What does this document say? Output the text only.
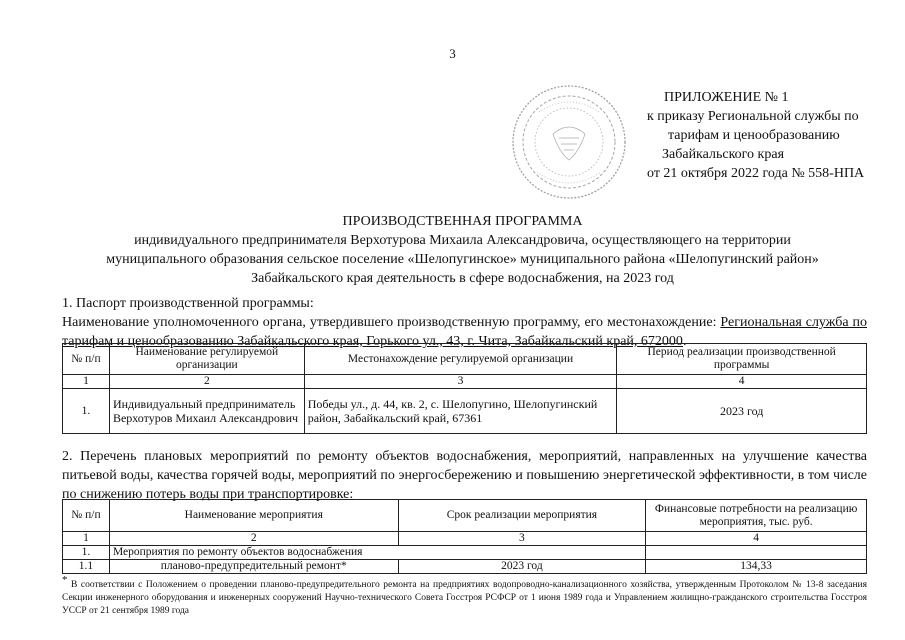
3
ПРИЛОЖЕНИЕ № 1
к приказу Региональной службы по
тарифам и ценообразованию
Забайкальского края
от 21 октября 2022 года № 558-НПА
ПРОИЗВОДСТВЕННАЯ ПРОГРАММА
индивидуального предпринимателя Верхотурова Михаила Александровича, осуществляющего на территории
муниципального образования сельское поселение «Шелопугинское» муниципального района «Шелопугинский район»
Забайкальского края деятельность в сфере водоснабжения, на 2023 год
1. Паспорт производственной программы:
Наименование уполномоченного органа, утвердившего производственную программу, его местонахождение: Региональная служба по тарифам и ценообразованию Забайкальского края, Горького ул., 43, г. Чита, Забайкальский край, 672000.
№ п/п	Наименование регулируемой организации	Местонахождение регулируемой организации	Период реализации производственной программы
1	2	3	4
1.	Индивидуальный предприниматель Верхотуров Михаил Александрович	Победы ул., д. 44, кв. 2, с. Шелопугино, Шелопугинский район, Забайкальский край, 67361	2023 год
2. Перечень плановых мероприятий по ремонту объектов водоснабжения, мероприятий, направленных на улучшение качества питьевой воды, качества горячей воды, мероприятий по энергосбережению и повышению энергетической эффективности, в том числе по снижению потерь воды при транспортировке:
№ п/п	Наименование мероприятия	Срок реализации мероприятия	Финансовые потребности на реализацию мероприятия, тыс. руб.
1	2	3	4
1.	Мероприятия по ремонту объектов водоснабжения		
1.1	планово-предупредительный ремонт*	2023 год	134,33
* В соответствии с Положением о проведении планово-предупредительного ремонта на предприятиях водопроводно-канализационного хозяйства, утвержденным Протоколом № 13-8 заседания Секции инженерного оборудования и инженерных сооружений Научно-технического Совета Госстроя РСФСР от 1 июня 1989 года и Управлением жилищно-гражданского строительства Госстроя УССР от 21 сентября 1989 года
